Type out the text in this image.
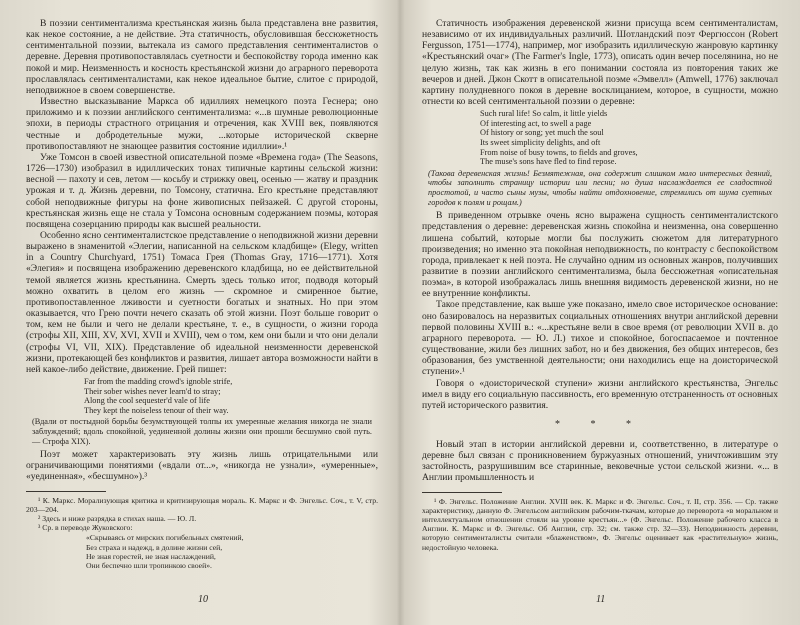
В поэзии сентиментализма крестьянская жизнь была представлена вне развития, как некое состояние, а не действие. Эта статичность, обусловившая бессюжетность сентиментальной поэзии, вытекала из самого представления сентименталистов о деревне. Деревня противопоставлялась суетности и беспокойству города именно как покой и мир. Неизменность и косность крестьянской жизни до аграрного переворота прославлялась сентименталистами, как некое идеальное бытие, слитое с природой, неподвижное в своем совершенстве.

Известно высказывание Маркса об идиллиях немецкого поэта Геснера; оно приложимо и к поэзии английского сентиментализма: «...в шумные революционные эпохи, в периоды страстного отрицания и отречения, как XVIII век, появляются честные и добродетельные мужи, ...которые исторической скверне противопоставляют не знающее развития состояние идиллии».¹

Уже Томсон в своей известной описательной поэме «Времена года» (The Seasons, 1726—1730) изобразил в идиллических тонах типичные картины сельской жизни: весной — пахоту и сев, летом — косьбу и стрижку овец, осенью — жатву и праздник урожая и т. д. Жизнь деревни, по Томсону, статична. Его крестьяне представляют собой неподвижные фигуры на фоне живописных пейзажей. С другой стороны, крестьянская жизнь еще не стала у Томсона основным содержанием поэмы, которая посвящена созерцанию природы как высшей реальности.

Особенно ясно сентименталистское представление о неподвижной жизни деревни выражено в знаменитой «Элегии, написанной на сельском кладбище» (Elegy, written in a Country Churchyard, 1751) Томаса Грея (Thomas Gray, 1716—1771). Хотя «Элегия» и посвящена изображению деревенского кладбища, но ее действительной темой является жизнь крестьянина. Смерть здесь только итог, подводя который можно охватить в целом его жизнь — скромное и смиренное бытие, противопоставленное лживости и суетности богатых и знатных. Но при этом оказывается, что Грею почти нечего сказать об этой жизни. Поэт больше говорит о том, кем не были и чего не делали крестьяне, т. е., в сущности, о жизни города (строфы XII, XIII, XV, XVI, XVII и XVIII), чем о том, кем они были и что они делали (строфы VI, VII, XIX). Представление об идеальной неизменности деревенской жизни, протекающей без конфликтов и развития, лишает автора возможности найти в ней какое-либо действие, движение. Грей пишет:

Far from the madding crowd's ignoble strife,
Their sober wishes never learn'd to stray;
Along the cool sequester'd vale of life
They kept the noiseless tenour of their way.
(Вдали от постыдной борьбы безумствующей толпы их умеренные желания никогда не знали заблуждений; вдоль спокойной, уединенной долины жизни они прошли бесшумно свой путь. — Строфа XIX).

Поэт может характеризовать эту жизнь лишь отрицательными или ограничивающими понятиями («вдали от...», «никогда не узнали», «умеренные», «уединенная», «бесшумно»).³

¹ К. Маркс. Морализующая критика и критизирующая мораль. К. Маркс и Ф. Энгельс. Соч., т. V, стр. 203—204.

² Здесь и ниже разрядка в стихах наша. — Ю. Л.

³ Ср. в переводе Жуковского:

«Скрываясь от мирских погибельных смятений,
Без страха и надежд, в долине жизни сей,
Не зная горестей, не зная наслаждений,
Они беспечно шли тропинкою своей».
10

Статичность изображения деревенской жизни присуща всем сентименталистам, независимо от их индивидуальных различий. Шотландский поэт Фергюссон (Robert Fergusson, 1751—1774), например, мог изобразить идиллическую жанровую картинку «Крестьянский очаг» (The Farmer's Ingle, 1773), описать один вечер поселянина, но не целую жизнь, так как жизнь в его понимании состояла из повторения таких же вечеров и дней. Джон Скотт в описательной поэме «Эмвелл» (Amwell, 1776) заключал картину полудневного покоя в деревне восклицанием, которое, в сущности, можно отнести ко всей сентиментальной поэзии о деревне:

Such rural life! So calm, it little yields
Of interesting act, to swell a page
Of history or song; yet much the soul
Its sweet simplicity delights, and oft
From noise of busy towns, to fields and groves,
The muse's sons have fled to find repose.
(Такова деревенская жизнь! Безмятежная, она содержит слишком мало интересных деяний, чтобы заполнить страницу истории или песни; но душа наслаждается ее сладостной простотой, и часто сыны музы, чтобы найти отдохновение, стремились от шума суетных городов к полям и рощам.)

В приведенном отрывке очень ясно выражена сущность сентименталистского представления о деревне: деревенская жизнь спокойна и неизменна, она совершенно лишена событий, которые могли бы послужить сюжетом для литературного произведения; но именно эта покойная неподвижность, по контрасту с беспокойством города, привлекает к ней поэта. Не случайно одним из основных жанров, получивших развитие в поэзии английского сентиментализма, была бессюжетная «описательная поэма», в которой изображалась лишь внешняя видимость деревенской жизни, но не ее внутренние конфликты.

Такое представление, как выше уже показано, имело свое историческое основание: оно базировалось на неразвитых социальных отношениях внутри английской деревни первой половины XVIII в.: «...крестьяне вели в свое время (от революции XVII в. до аграрного переворота. — Ю. Л.) тихое и спокойное, богоспасаемое и почтенное существование, жили без лишних забот, но и без движения, без общих интересов, без образования, без умственной деятельности; они находились еще на доисторической ступени».¹

Говоря о «доисторической ступени» жизни английского крестьянства, Энгельс имел в виду его социальную пассивность, его временную отстраненность от основных путей исторического развития.

* * *

Новый этап в истории английской деревни и, соответственно, в литературе о деревне был связан с проникновением буржуазных отношений, уничтожившим эту застойность, разрушившим все старинные, вековечные устои сельской жизни. «... в Англии промышленность и

¹ Ф. Энгельс. Положение Англии. XVIII век. К. Маркс и Ф. Энгельс. Соч., т. II, стр. 356. — Ср. также характеристику, данную Ф. Энгельсом английским рабочим-ткачам, которые до переворота «в моральном и интеллектуальном отношении стояли на уровне крестьян...» (Ф. Энгельс. Положение рабочего класса в Англии. К. Маркс и Ф. Энгельс. Об Англии, стр. 32; см. также стр. 32—33). Неподвижность деревни, которую сентименталисты считали «блаженством», Ф. Энгельс оценивает как «растительную» жизнь, недостойную человека.

11
